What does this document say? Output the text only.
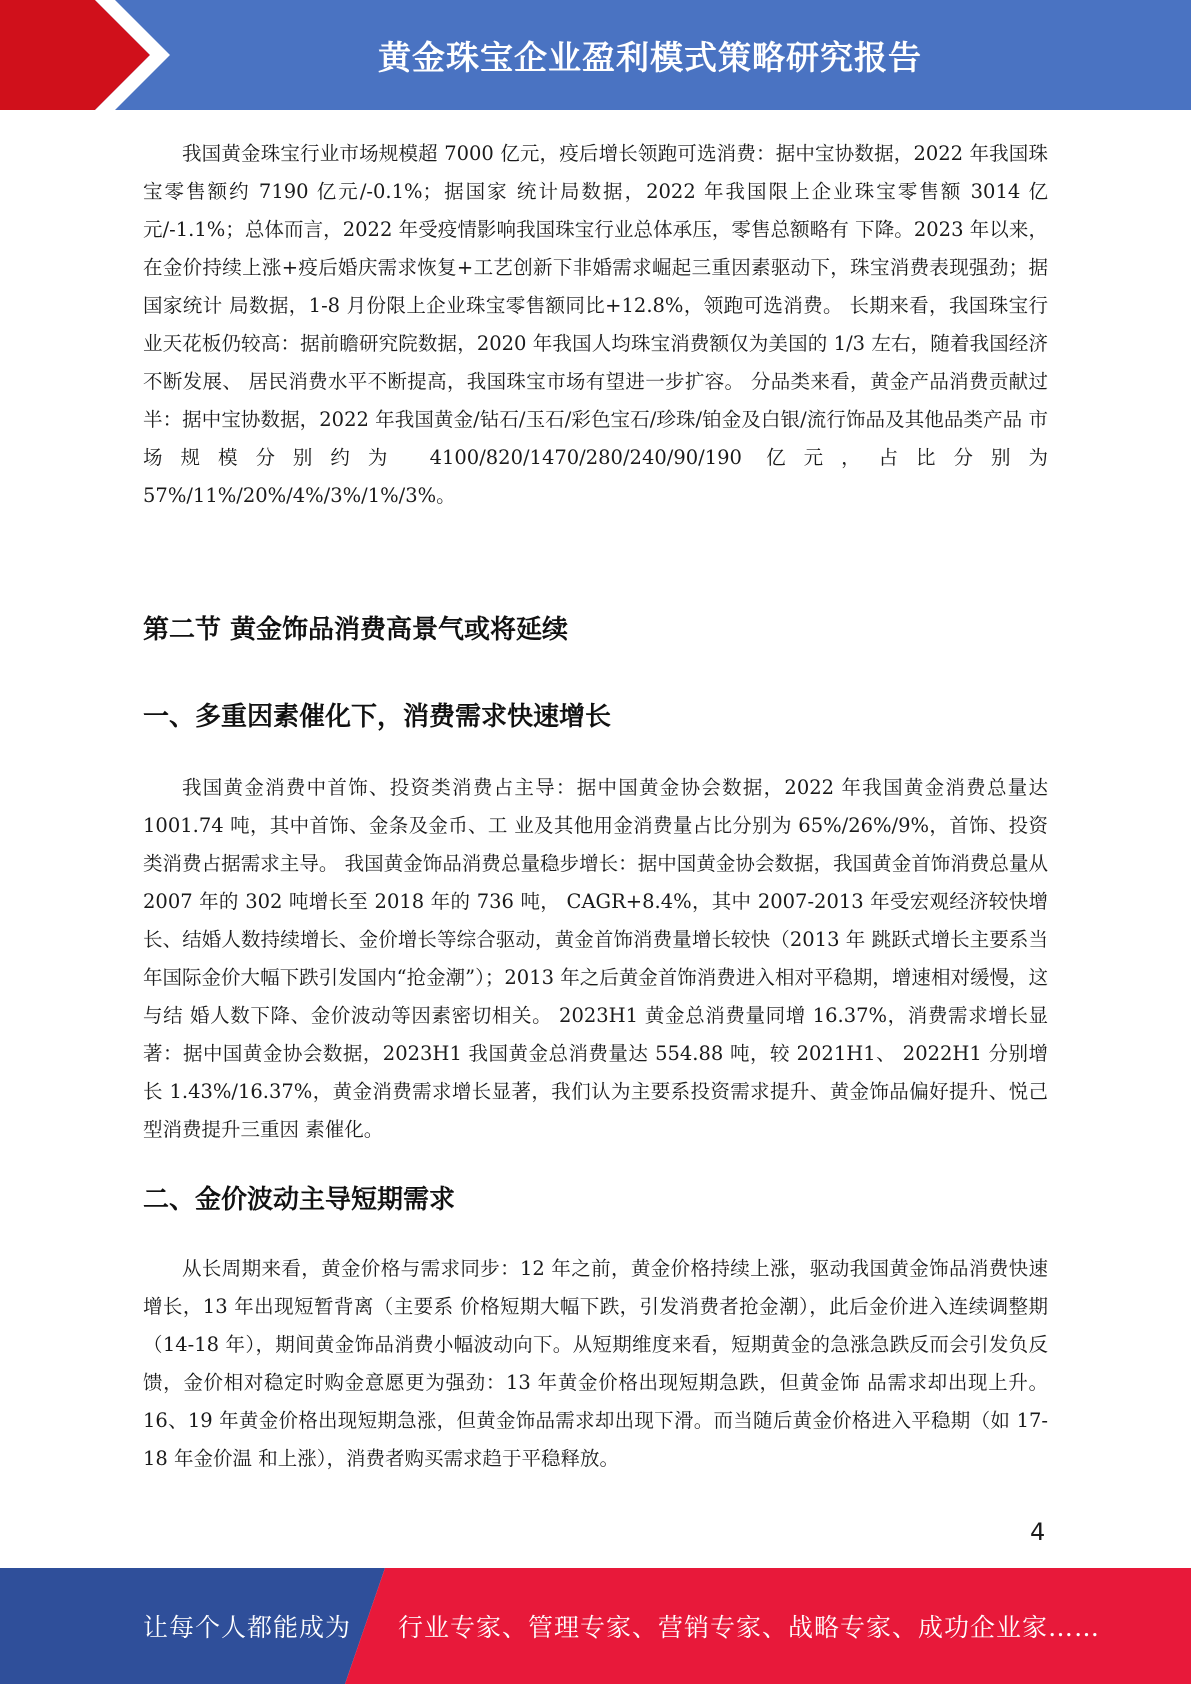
黄金珠宝企业盈利模式策略研究报告

我国黄金珠宝行业市场规模超 7000 亿元，疫后增长领跑可选消费：据中宝协数据，2022 年我国珠宝零售额约 7190 亿元/-0.1%；据国家 统计局数据，2022 年我国限上企业珠宝零售额 3014 亿元/-1.1%；总体而言，2022 年受疫情影响我国珠宝行业总体承压，零售总额略有 下降。2023 年以来，在金价持续上涨+疫后婚庆需求恢复+工艺创新下非婚需求崛起三重因素驱动下，珠宝消费表现强劲；据国家统计 局数据，1-8 月份限上企业珠宝零售额同比+12.8%，领跑可选消费。 长期来看，我国珠宝行业天花板仍较高：据前瞻研究院数据，2020 年我国人均珠宝消费额仅为美国的 1/3 左右，随着我国经济不断发展、 居民消费水平不断提高，我国珠宝市场有望进一步扩容。 分品类来看，黄金产品消费贡献过半：据中宝协数据，2022 年我国黄金/钻石/玉石/彩色宝石/珍珠/铂金及白银/流行饰品及其他品类产品 市场规模分别约为 4100/820/1470/280/240/90/190 亿元，占比分别为 57%/11%/20%/4%/3%/1%/3%。

第二节 黄金饰品消费高景气或将延续
一、多重因素催化下，消费需求快速增长

我国黄金消费中首饰、投资类消费占主导：据中国黄金协会数据，2022 年我国黄金消费总量达 1001.74 吨，其中首饰、金条及金币、工 业及其他用金消费量占比分别为 65%/26%/9%，首饰、投资类消费占据需求主导。 我国黄金饰品消费总量稳步增长：据中国黄金协会数据，我国黄金首饰消费总量从 2007 年的 302 吨增长至 2018 年的 736 吨， CAGR+8.4%，其中 2007-2013 年受宏观经济较快增长、结婚人数持续增长、金价增长等综合驱动，黄金首饰消费量增长较快（2013 年 跳跃式增长主要系当年国际金价大幅下跌引发国内“抢金潮”）；2013 年之后黄金首饰消费进入相对平稳期，增速相对缓慢，这与结 婚人数下降、金价波动等因素密切相关。 2023H1 黄金总消费量同增 16.37%，消费需求增长显著：据中国黄金协会数据，2023H1 我国黄金总消费量达 554.88 吨，较 2021H1、 2022H1 分别增长 1.43%/16.37%，黄金消费需求增长显著，我们认为主要系投资需求提升、黄金饰品偏好提升、悦己型消费提升三重因 素催化。

二、金价波动主导短期需求

从长周期来看，黄金价格与需求同步：12 年之前，黄金价格持续上涨，驱动我国黄金饰品消费快速增长，13 年出现短暂背离（主要系 价格短期大幅下跌，引发消费者抢金潮），此后金价进入连续调整期（14-18 年），期间黄金饰品消费小幅波动向下。从短期维度来看，短期黄金的急涨急跌反而会引发负反馈，金价相对稳定时购金意愿更为强劲：13 年黄金价格出现短期急跌，但黄金饰 品需求却出现上升。16、19 年黄金价格出现短期急涨，但黄金饰品需求却出现下滑。而当随后黄金价格进入平稳期（如 17-18 年金价温 和上涨），消费者购买需求趋于平稳释放。

4
让每个人都能成为 行业专家、管理专家、营销专家、战略专家、成功企业家……
